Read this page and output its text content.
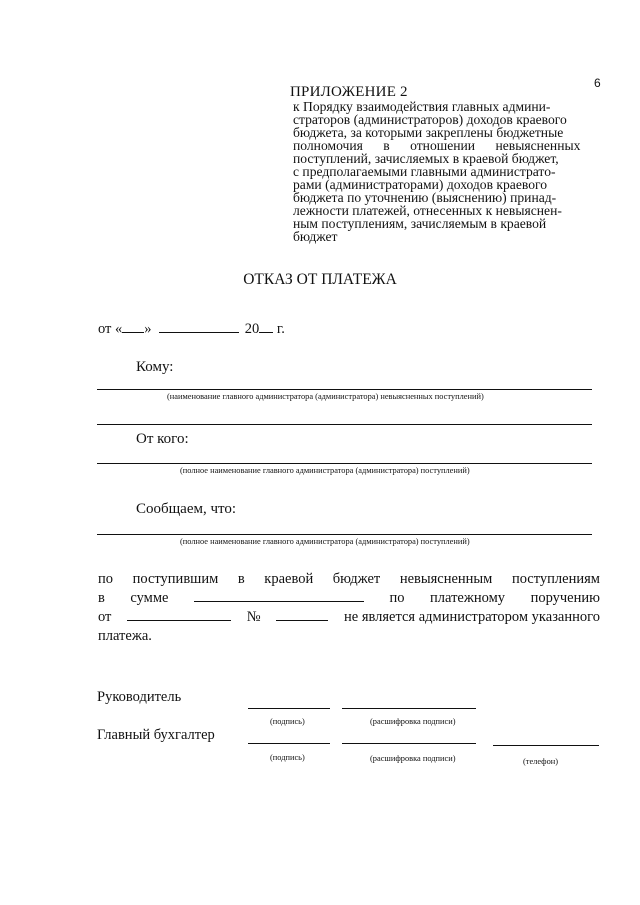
6
ПРИЛОЖЕНИЕ 2
к Порядку взаимодействия главных админи-
страторов (администраторов) доходов краевого
бюджета, за которыми закреплены бюджетные
полномочия в отношении невыясненных
поступлений, зачисляемых в краевой бюджет,
с предполагаемыми главными администрато-
рами (администраторами) доходов краевого
бюджета по уточнению (выяснению) принад-
лежности платежей, отнесенных к невыяснен-
ным поступлениям, зачисляемым в краевой
бюджет
ОТКАЗ ОТ ПЛАТЕЖА
от « »	20 г.
Кому:
(наименование главного администратора (администратора) невыясненных поступлений)
От кого:
(полное наименование главного администратора (администратора) поступлений)
Сообщаем, что:
(полное наименование главного администратора (администратора) поступлений)
по поступившим в краевой бюджет невыясненным поступлениям
в сумме	по платежному поручению
от	№	не является администратором указанного
платежа.
Руководитель
(подпись)	(расшифровка подписи)
Главный бухгалтер
(подпись)	(расшифровка подписи)	(телефон)
